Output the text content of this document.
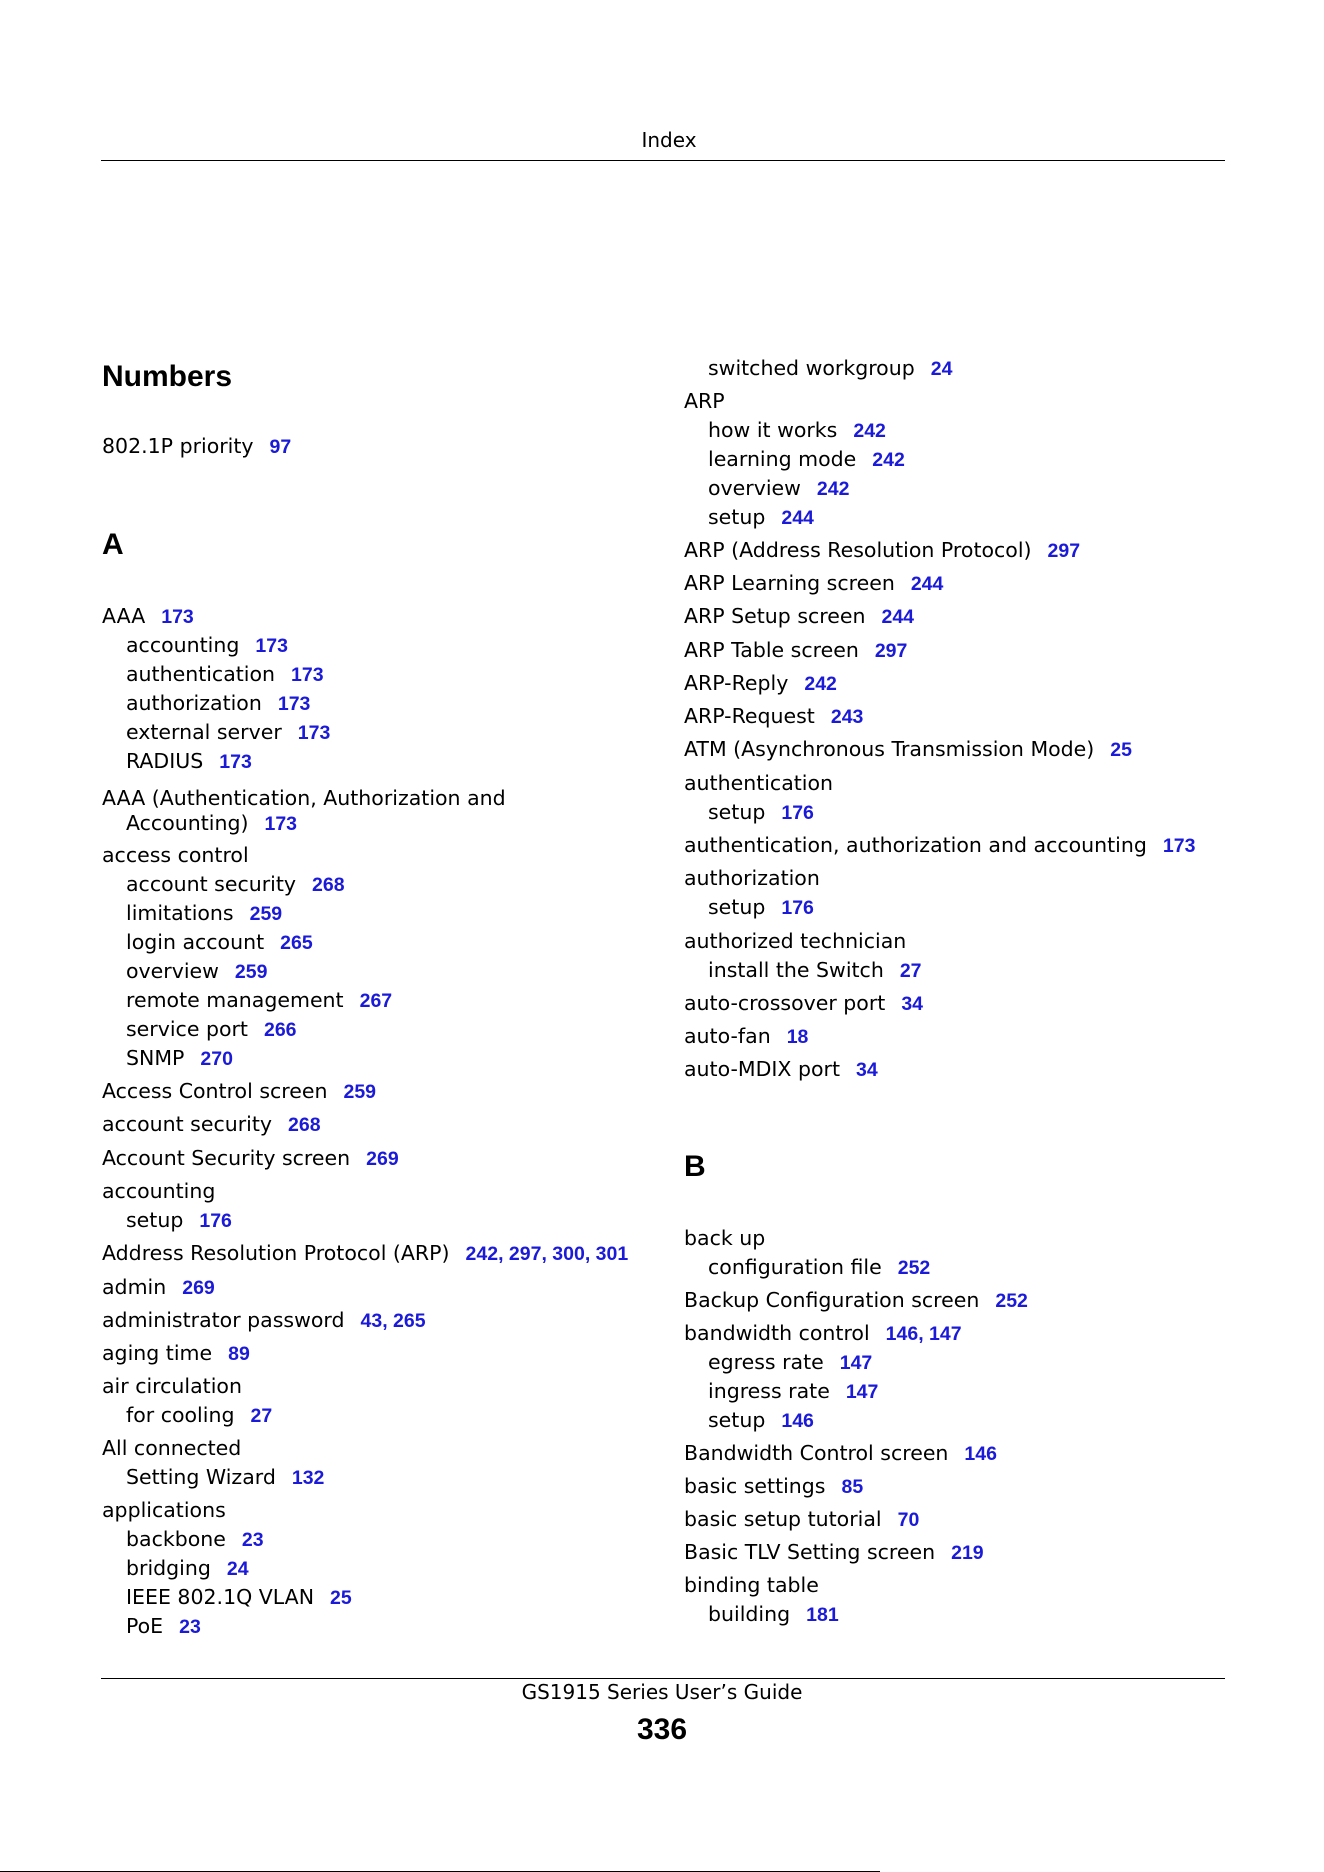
Index
Numbers
802.1P priority 97
A
AAA 173
accounting 173
authentication 173
authorization 173
external server 173
RADIUS 173
AAA (Authentication, Authorization and
Accounting) 173
access control
account security 268
limitations 259
login account 265
overview 259
remote management 267
service port 266
SNMP 270
Access Control screen 259
account security 268
Account Security screen 269
accounting
setup 176
Address Resolution Protocol (ARP) 242, 297, 300, 301
admin 269
administrator password 43, 265
aging time 89
air circulation
for cooling 27
All connected
Setting Wizard 132
applications
backbone 23
bridging 24
IEEE 802.1Q VLAN 25
PoE 23
switched workgroup 24
ARP
how it works 242
learning mode 242
overview 242
setup 244
ARP (Address Resolution Protocol) 297
ARP Learning screen 244
ARP Setup screen 244
ARP Table screen 297
ARP-Reply 242
ARP-Request 243
ATM (Asynchronous Transmission Mode) 25
authentication
setup 176
authentication, authorization and accounting 173
authorization
setup 176
authorized technician
install the Switch 27
auto-crossover port 34
auto-fan 18
auto-MDIX port 34
B
back up
configuration file 252
Backup Configuration screen 252
bandwidth control 146, 147
egress rate 147
ingress rate 147
setup 146
Bandwidth Control screen 146
basic settings 85
basic setup tutorial 70
Basic TLV Setting screen 219
binding table
building 181
GS1915 Series User’s Guide
336
